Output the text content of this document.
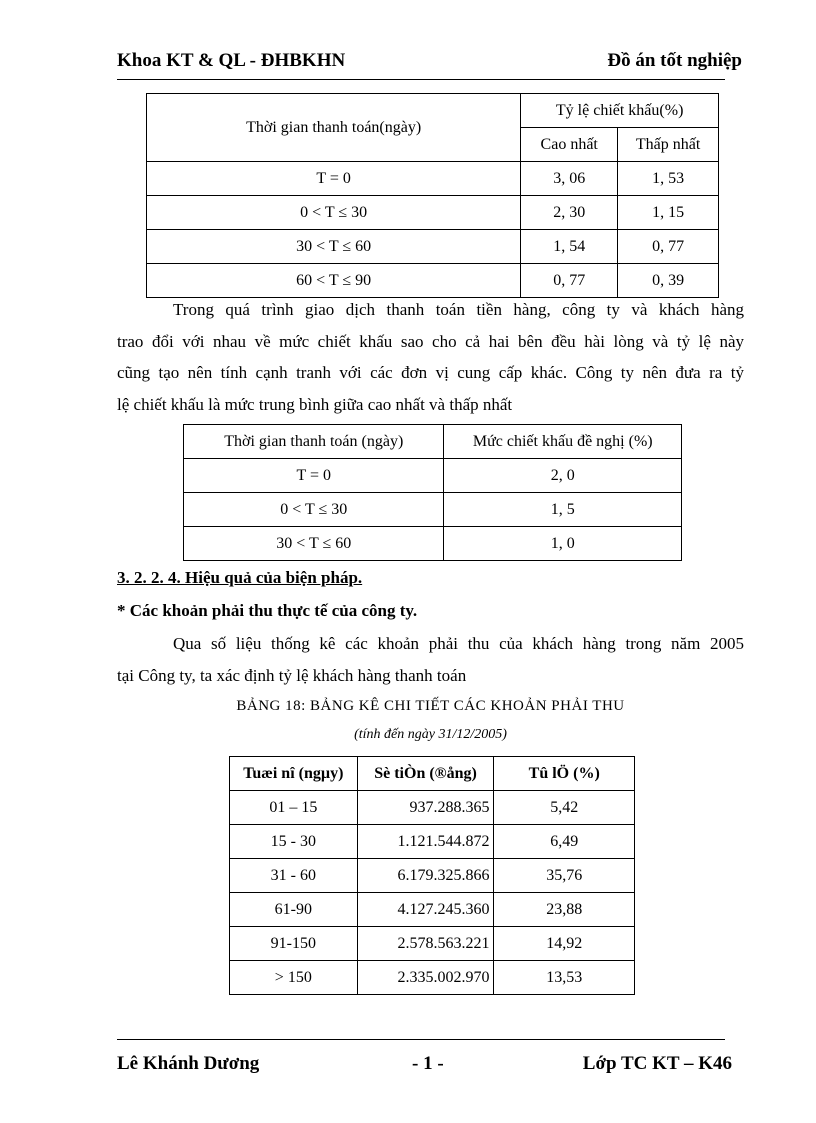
Khoa KT & QL - ĐHBKHN	Đồ án tốt nghiệp
Thời gian thanh toán(ngày)	Tỷ lệ chiết khấu(%)	
	Cao nhất	Thấp nhất
T = 0	3, 06	1, 53
0 < T ≤ 30	2, 30	1, 15
30 < T ≤ 60	1, 54	0, 77
60 < T ≤ 90	0, 77	0, 39

Trong quá trình giao dịch thanh toán tiền hàng, công ty và khách hàng

trao đổi với nhau về mức chiết khấu sao cho cả hai bên đều hài lòng và tỷ lệ này

cũng tạo nên tính cạnh tranh với các đơn vị cung cấp khác. Công ty nên đưa ra tỷ

lệ chiết khấu là mức trung bình giữa cao nhất và thấp nhất

Thời gian thanh toán (ngày)	Mức chiết khấu đề nghị (%)
T = 0	2, 0
0 < T ≤ 30	1, 5
30 < T ≤ 60	1, 0
3. 2. 2. 4. Hiệu quả của biện pháp.
* Các khoản phải thu thực tế của công ty.

Qua số liệu thống kê các khoản phải thu của khách hàng trong năm 2005

tại Công ty, ta xác định tỷ lệ khách hàng thanh toán

BẢNG 18: BẢNG KÊ CHI TIẾT CÁC KHOẢN PHẢI THU
(tính đến ngày 31/12/2005)
Tuæi nî (ngµy)	Sè tiÒn (®ång)	Tû lÖ (%)
01 – 15	937.288.365	5,42
15 - 30	1.121.544.872	6,49
31 - 60	6.179.325.866	35,76
61-90	4.127.245.360	23,88
91-150	2.578.563.221	14,92
> 150	2.335.002.970	13,53
Lê Khánh Dương	- 1 -	Lớp TC KT – K46
